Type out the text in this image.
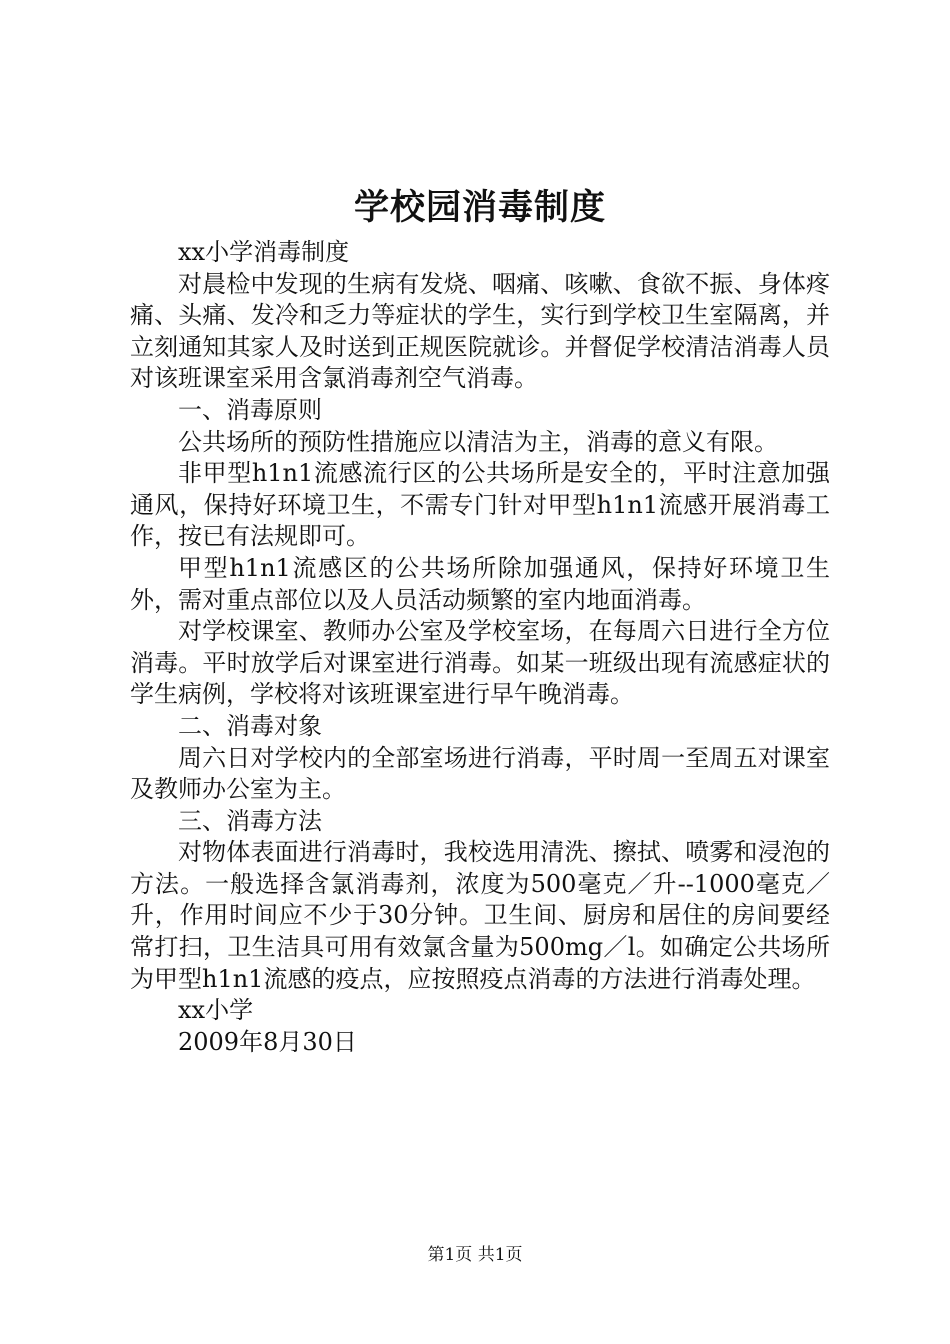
学校园消毒制度

xx小学消毒制度

对晨检中发现的生病有发烧、咽痛、咳嗽、食欲不振、身体疼痛、头痛、发冷和乏力等症状的学生，实行到学校卫生室隔离，并立刻通知其家人及时送到正规医院就诊。并督促学校清洁消毒人员对该班课室采用含氯消毒剂空气消毒。

一、消毒原则

公共场所的预防性措施应以清洁为主，消毒的意义有限。

非甲型h1n1流感流行区的公共场所是安全的，平时注意加强通风，保持好环境卫生，不需专门针对甲型h1n1流感开展消毒工作，按已有法规即可。

甲型h1n1流感区的公共场所除加强通风，保持好环境卫生外，需对重点部位以及人员活动频繁的室内地面消毒。

对学校课室、教师办公室及学校室场，在每周六日进行全方位消毒。平时放学后对课室进行消毒。如某一班级出现有流感症状的学生病例，学校将对该班课室进行早午晚消毒。

二、消毒对象

周六日对学校内的全部室场进行消毒，平时周一至周五对课室及教师办公室为主。

三、消毒方法

对物体表面进行消毒时，我校选用清洗、擦拭、喷雾和浸泡的方法。一般选择含氯消毒剂，浓度为500毫克／升--1000毫克／升，作用时间应不少于30分钟。卫生间、厨房和居住的房间要经常打扫，卫生洁具可用有效氯含量为500mg／l。如确定公共场所为甲型h1n1流感的疫点，应按照疫点消毒的方法进行消毒处理。

xx小学

2009年8月30日

第1页 共1页
